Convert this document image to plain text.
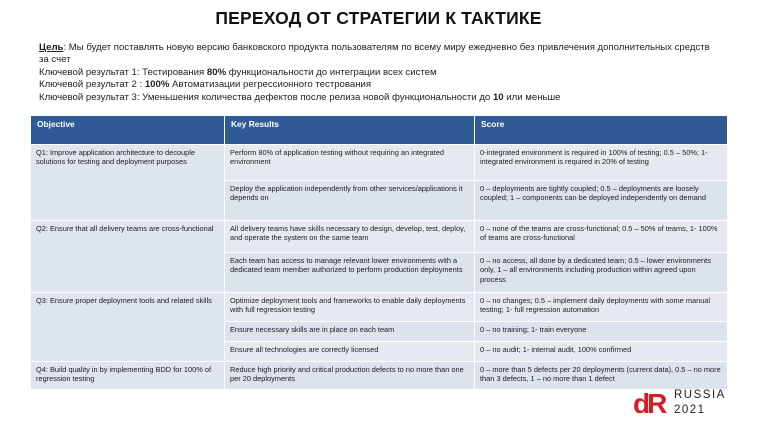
ПЕРЕХОД ОТ СТРАТЕГИИ К ТАКТИКЕ
Цель: Мы будет поставлять новую версию банковского продукта пользователям по всему миру ежедневно без привлечения дополнительных средств за счет
Ключевой результат 1: Тестирования 80% функциональности до интеграции всех систем
Ключевой результат 2 : 100% Автоматизации регрессионного тестрования
Ключевой результат 3: Уменьшения количества дефектов после релиза новой функциональности до 10 или меньше
Objective	Key Results	Score
Q1: Improve application architecture to decouple solutions for testing and deployment purposes	Perform 80% of application testing without requiring an integrated environment	0-integrated environment is required in 100% of testing; 0.5 – 50%; 1- integrated environment is required in 20% of testing
	Deploy the application independently from other services/applications it depends on	0 – deployments are tightly coupled; 0.5 – deployments are loosely coupled; 1 – components can be deployed independently on demand
Q2: Ensure that all delivery teams are cross-functional	All delivery teams have skills necessary to design, develop, test, deploy, and operate the system on the same team	0 – none of the teams are cross-functional; 0.5 – 50% of teams, 1- 100% of teams are cross-functional
	Each team has access to manage relevant lower environments with a dedicated team member authorized to perform production deployments	0 – no access, all done by a dedicated team; 0.5 – lower environments only, 1 – all environments including production within agreed upon process
Q3: Ensure proper deployment tools and related skills	Optimize deployment tools and frameworks to enable daily deployments with full regression testing	0 – no changes; 0.5 – implement daily deployments with some manual testing; 1- full regression automation
	Ensure necessary skills are in place on each team	0 – no training; 1- train everyone
	Ensure all technologies are correctly licensed	0 – no audit; 1- internal audit, 100% confirmed
Q4: Build quality in by implementing BDD for 100% of regression testing	Reduce high priority and critical production defects to no more than one per 20 deployments	0 – more than 5 defects per 20 deployments (current data), 0.5 – no more than 3 defects, 1 – no more than 1 defect
dR RUSSIA
2021
